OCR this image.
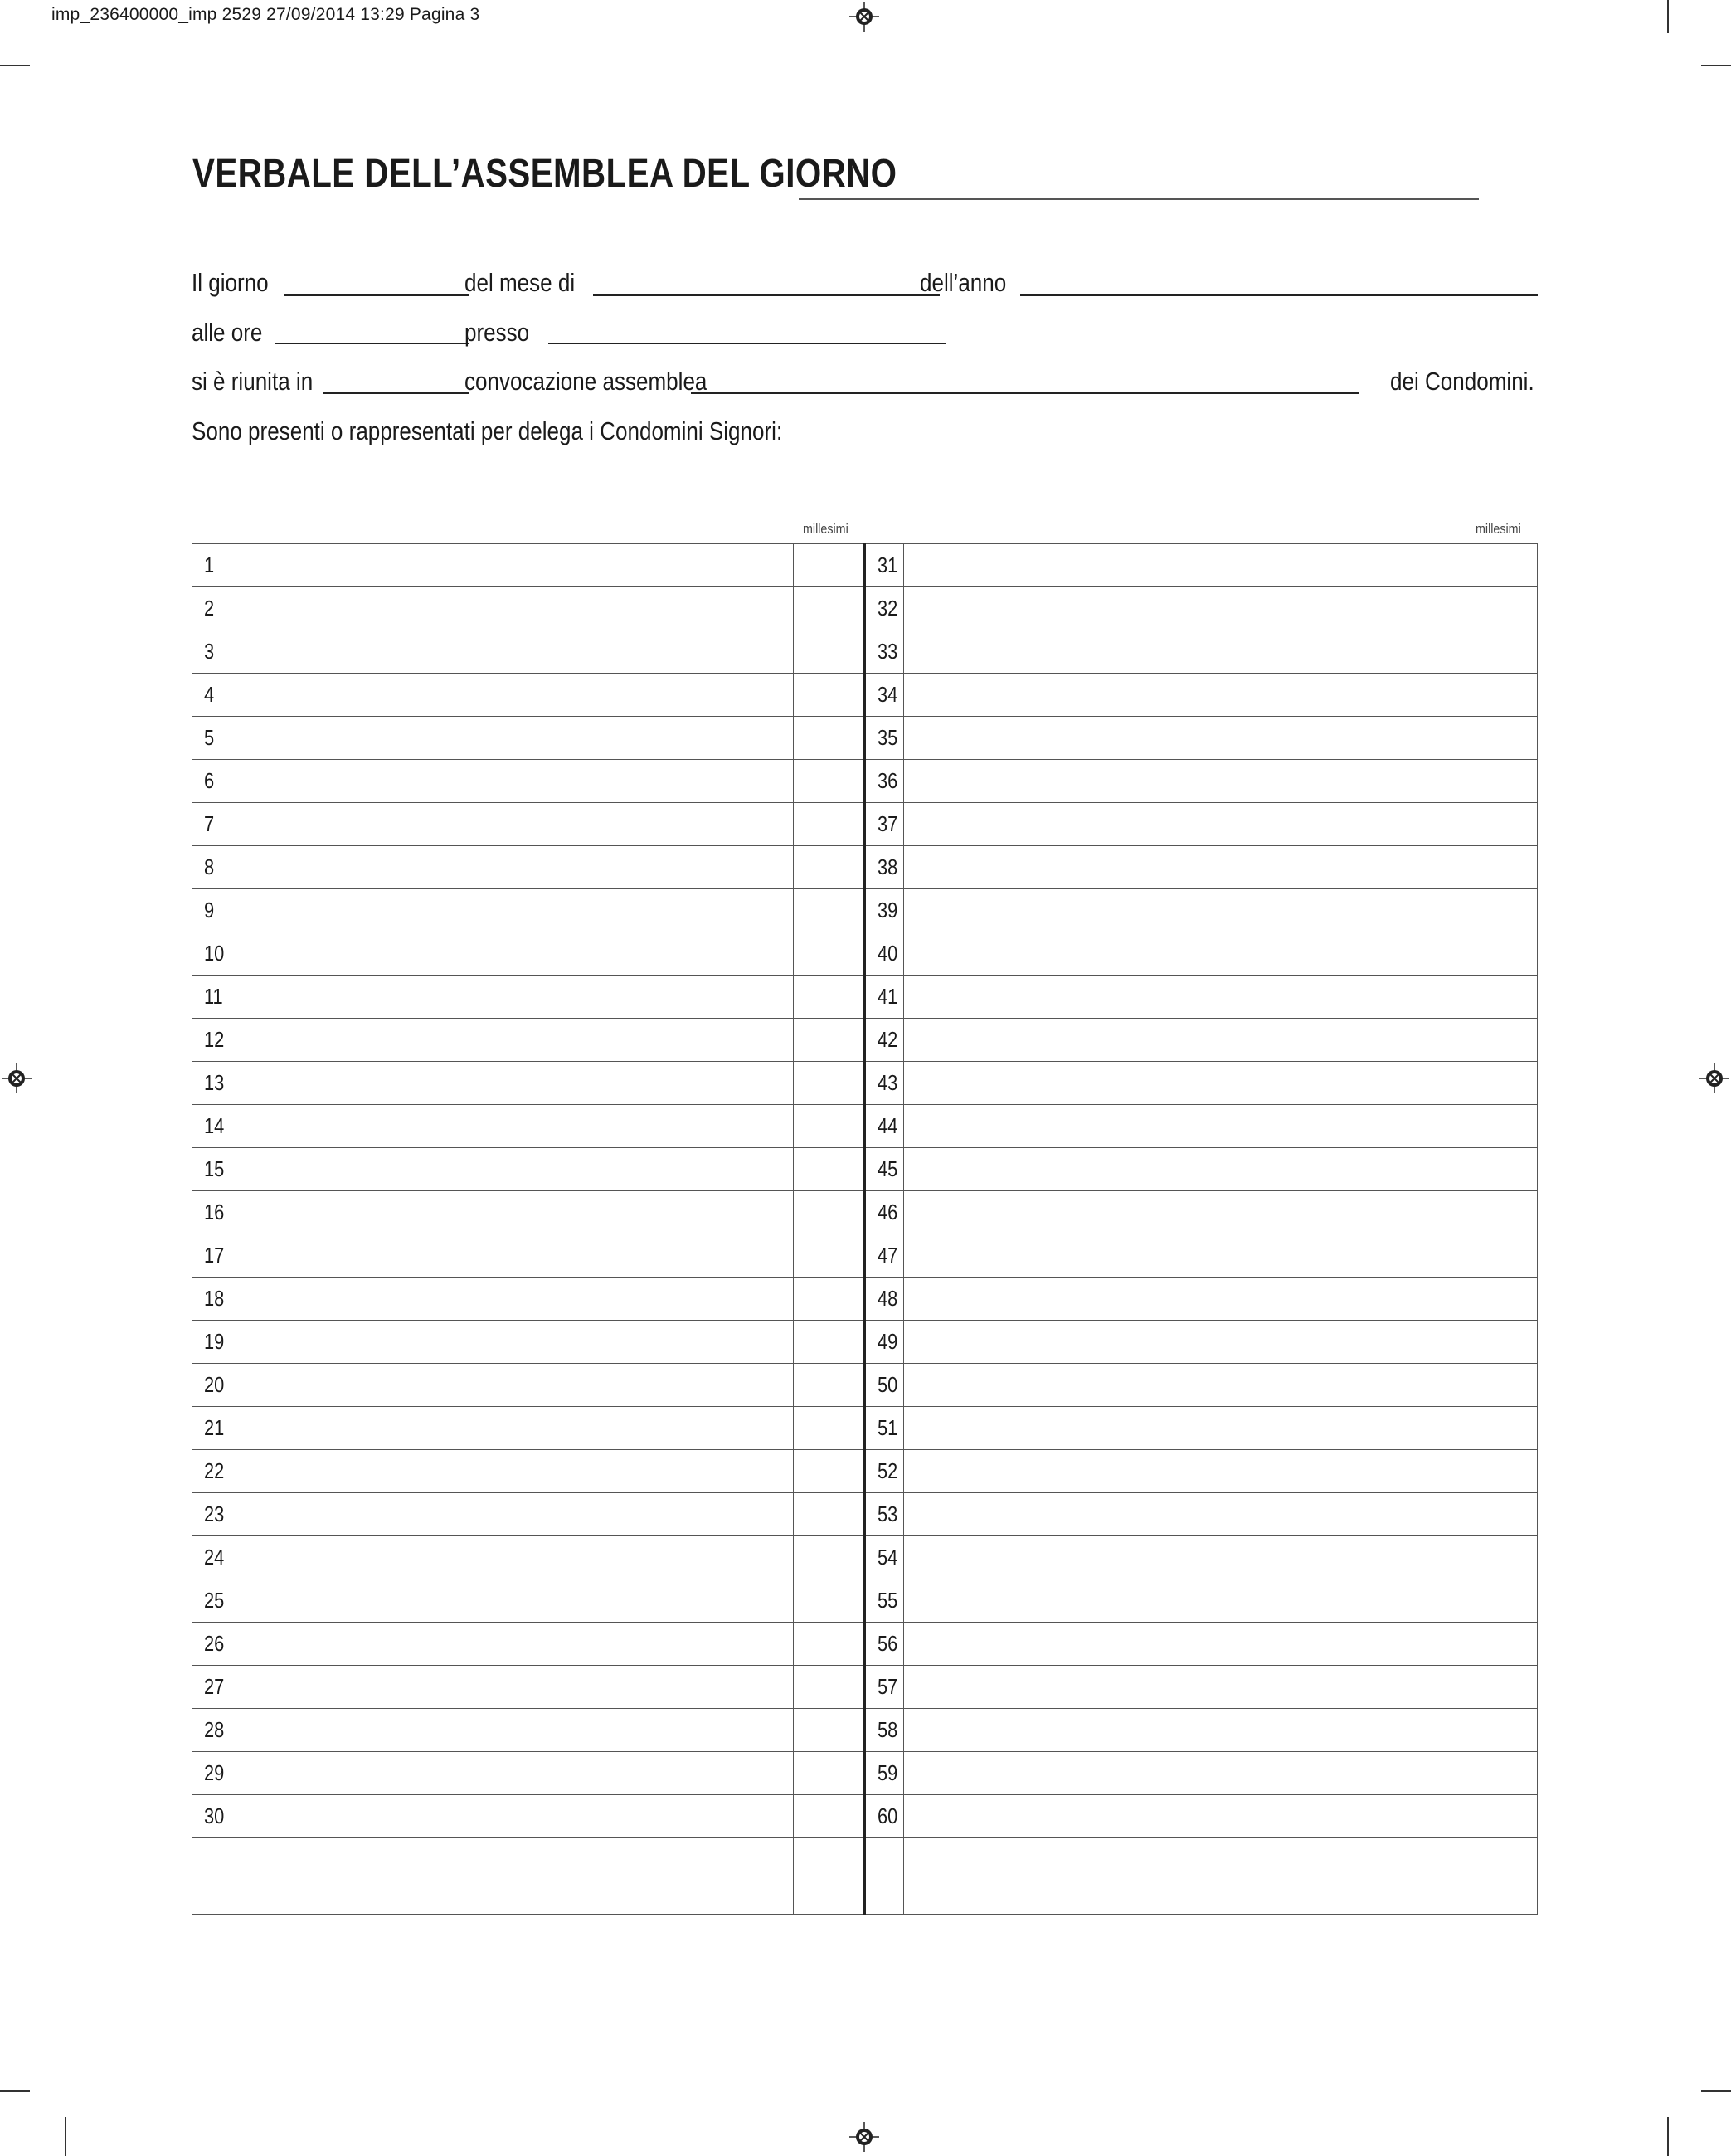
imp_236400000_imp 2529 27/09/2014 13:29 Pagina 3
VERBALE DELL’ASSEMBLEA DEL GIORNO
Il giorno	del mese di	dell’anno
alle ore	presso
si è riunita in	convocazione assemblea	dei Condomini.
Sono presenti o rappresentati per delega i Condomini Signori:
millesimi	millesimi
1			31		
2			32		
3			33		
4			34		
5			35		
6			36		
7			37		
8			38		
9			39		
10			40		
11			41		
12			42		
13			43		
14			44		
15			45		
16			46		
17			47		
18			48		
19			49		
20			50		
21			51		
22			52		
23			53		
24			54		
25			55		
26			56		
27			57		
28			58		
29			59		
30			60		
